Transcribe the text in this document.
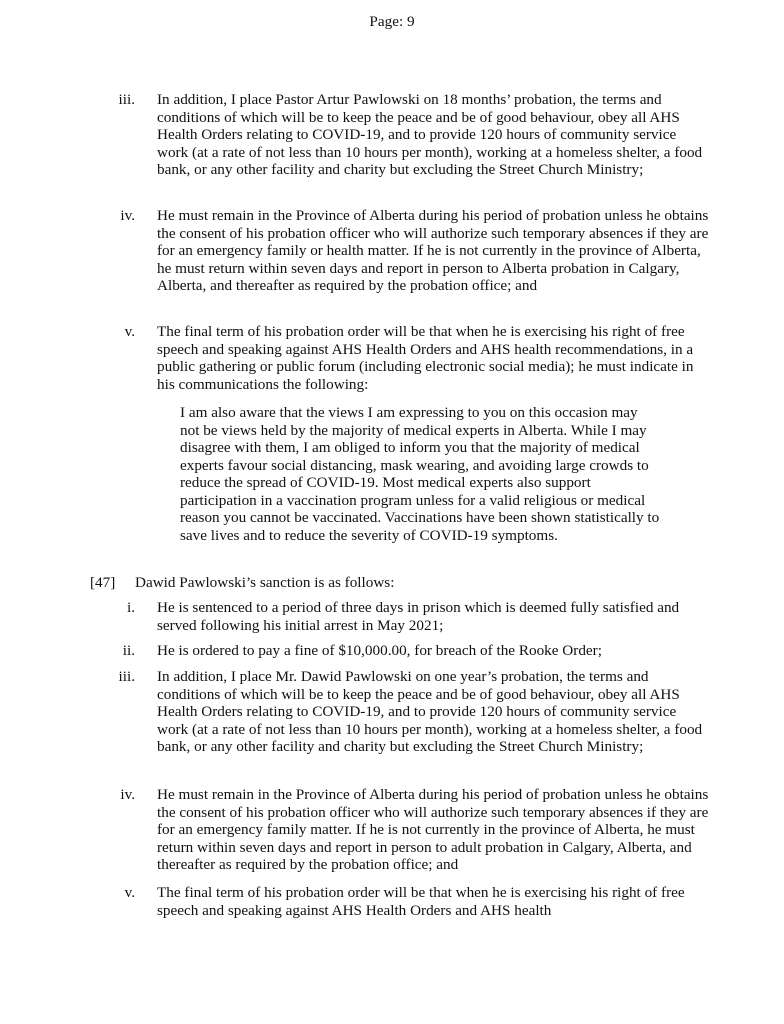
Page: 9
iii. In addition, I place Pastor Artur Pawlowski on 18 months’ probation, the terms and conditions of which will be to keep the peace and be of good behaviour, obey all AHS Health Orders relating to COVID-19, and to provide 120 hours of community service work (at a rate of not less than 10 hours per month), working at a homeless shelter, a food bank, or any other facility and charity but excluding the Street Church Ministry;
iv. He must remain in the Province of Alberta during his period of probation unless he obtains the consent of his probation officer who will authorize such temporary absences if they are for an emergency family or health matter. If he is not currently in the province of Alberta, he must return within seven days and report in person to Alberta probation in Calgary, Alberta, and thereafter as required by the probation office; and
v. The final term of his probation order will be that when he is exercising his right of free speech and speaking against AHS Health Orders and AHS health recommendations, in a public gathering or public forum (including electronic social media); he must indicate in his communications the following:
I am also aware that the views I am expressing to you on this occasion may not be views held by the majority of medical experts in Alberta. While I may disagree with them, I am obliged to inform you that the majority of medical experts favour social distancing, mask wearing, and avoiding large crowds to reduce the spread of COVID-19. Most medical experts also support participation in a vaccination program unless for a valid religious or medical reason you cannot be vaccinated. Vaccinations have been shown statistically to save lives and to reduce the severity of COVID-19 symptoms.
[47] Dawid Pawlowski’s sanction is as follows:
i. He is sentenced to a period of three days in prison which is deemed fully satisfied and served following his initial arrest in May 2021;
ii. He is ordered to pay a fine of $10,000.00, for breach of the Rooke Order;
iii. In addition, I place Mr. Dawid Pawlowski on one year’s probation, the terms and conditions of which will be to keep the peace and be of good behaviour, obey all AHS Health Orders relating to COVID-19, and to provide 120 hours of community service work (at a rate of not less than 10 hours per month), working at a homeless shelter, a food bank, or any other facility and charity but excluding the Street Church Ministry;
iv. He must remain in the Province of Alberta during his period of probation unless he obtains the consent of his probation officer who will authorize such temporary absences if they are for an emergency family matter. If he is not currently in the province of Alberta, he must return within seven days and report in person to adult probation in Calgary, Alberta, and thereafter as required by the probation office; and
v. The final term of his probation order will be that when he is exercising his right of free speech and speaking against AHS Health Orders and AHS health
